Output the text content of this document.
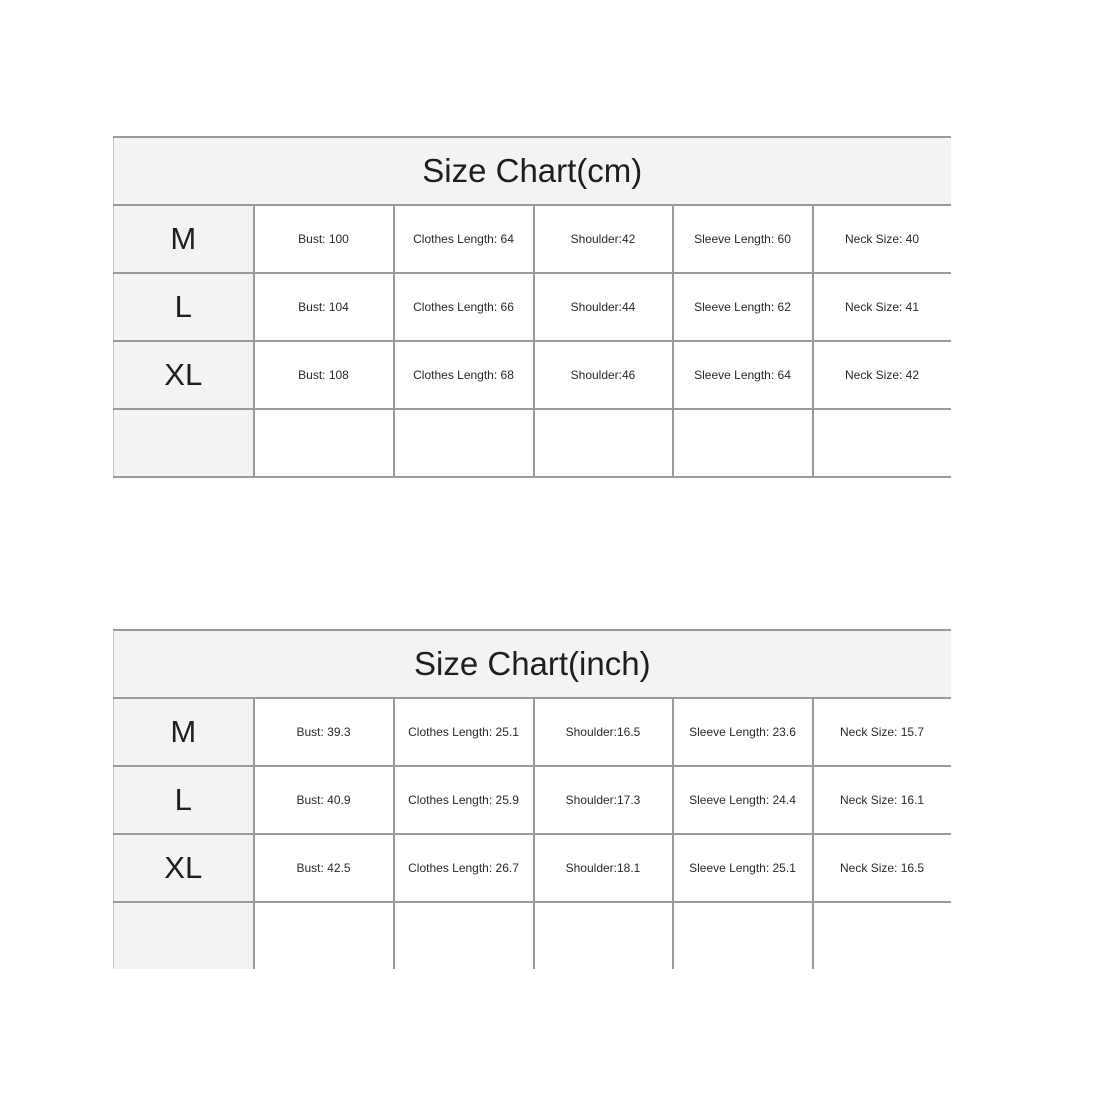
Size Chart(cm)					
M	Bust: 100	Clothes Length: 64	Shoulder:42	Sleeve Length: 60	Neck Size: 40
L	Bust: 104	Clothes Length: 66	Shoulder:44	Sleeve Length: 62	Neck Size: 41
XL	Bust: 108	Clothes Length: 68	Shoulder:46	Sleeve Length: 64	Neck Size: 42

Size Chart(inch)					
M	Bust: 39.3	Clothes Length: 25.1	Shoulder:16.5	Sleeve Length: 23.6	Neck Size: 15.7
L	Bust: 40.9	Clothes Length: 25.9	Shoulder:17.3	Sleeve Length: 24.4	Neck Size: 16.1
XL	Bust: 42.5	Clothes Length: 26.7	Shoulder:18.1	Sleeve Length: 25.1	Neck Size: 16.5
